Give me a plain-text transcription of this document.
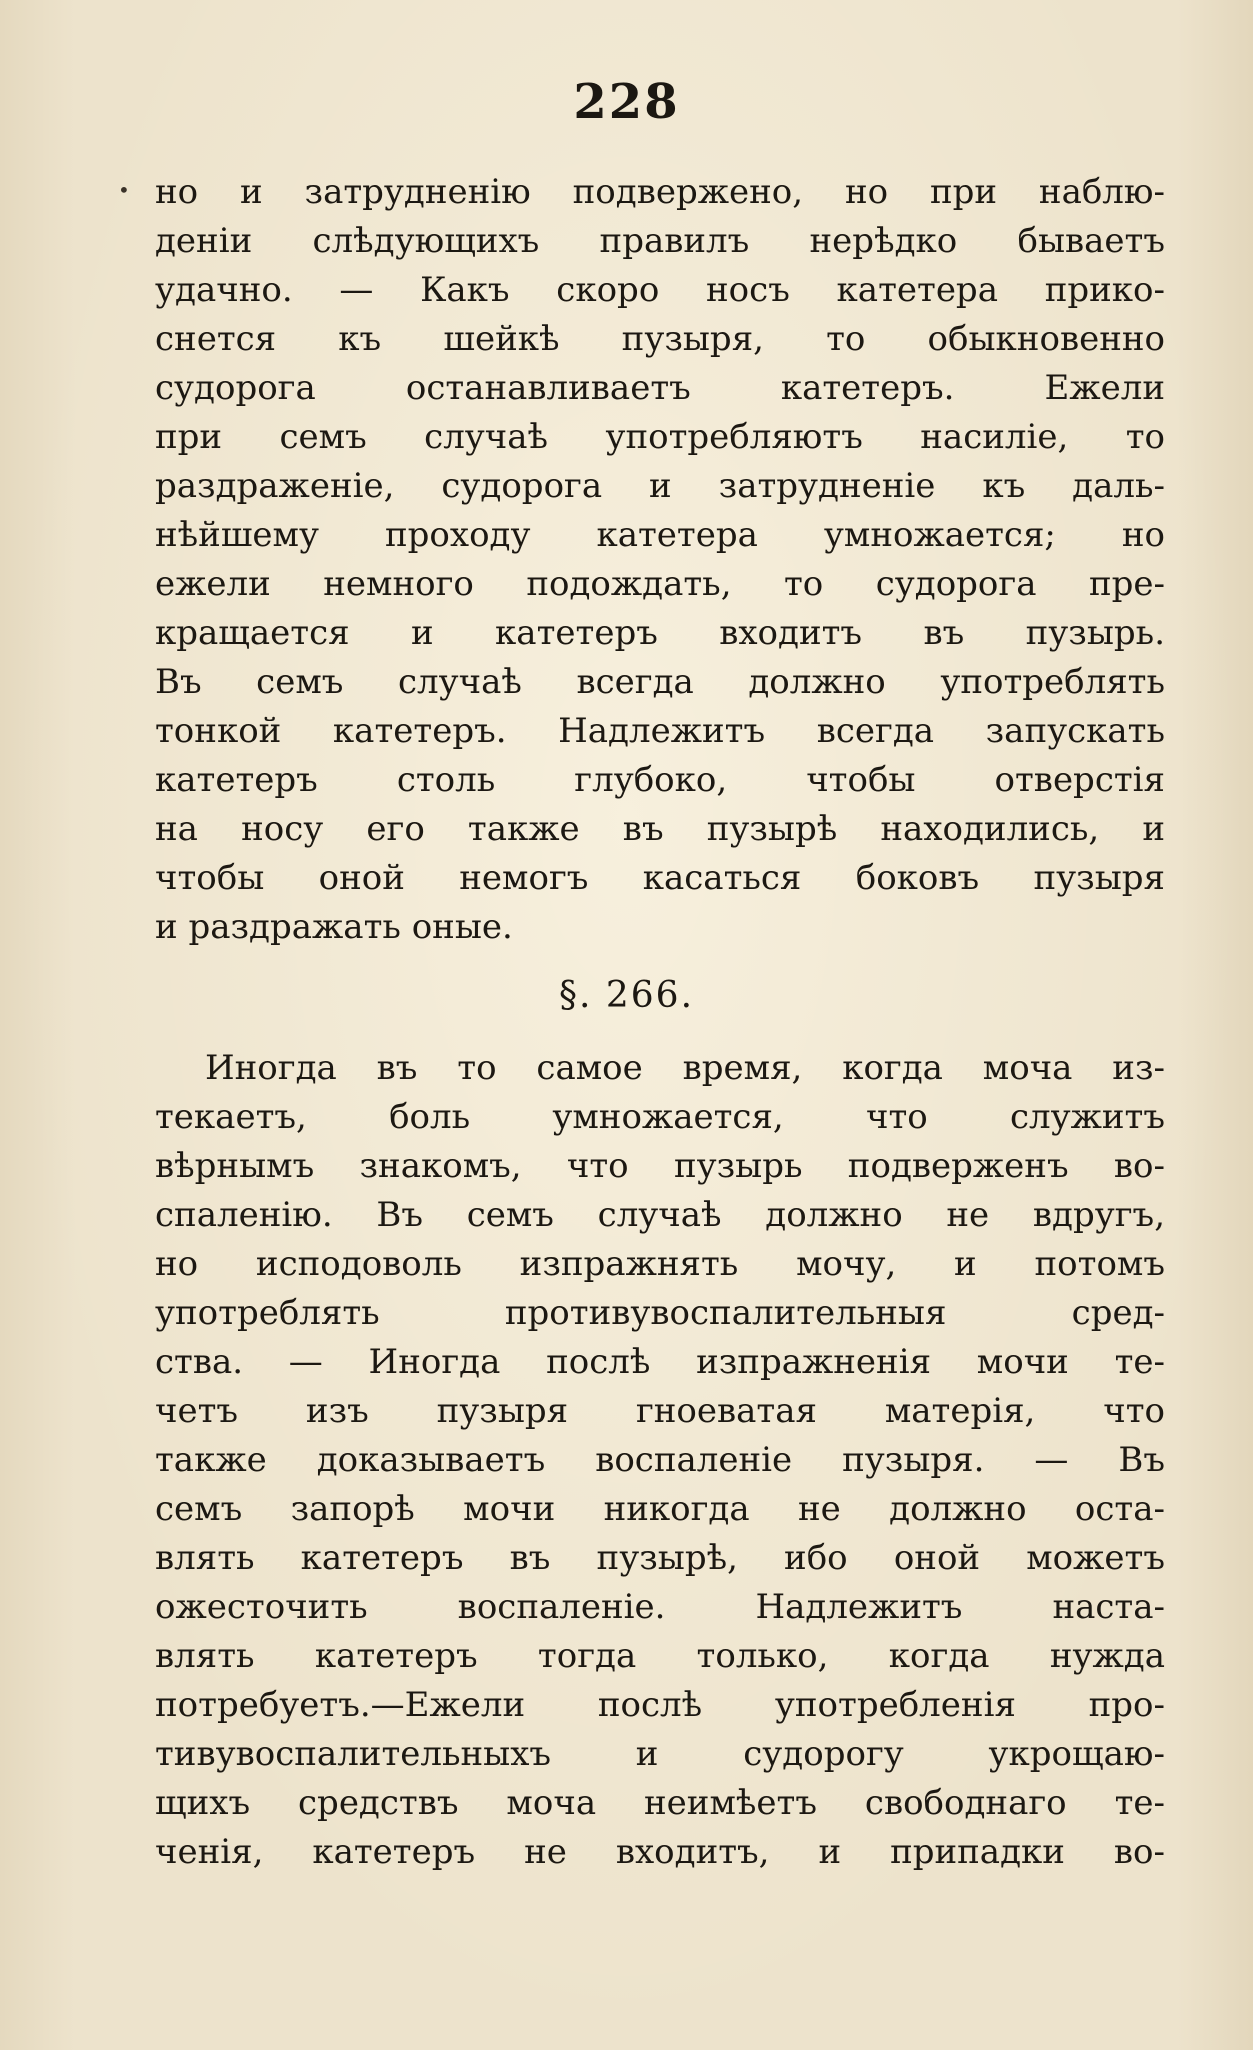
228
• но и затрудненію подвержено, но при наблю-
деніи слѣдующихъ правилъ нерѣдко бываетъ
удачно. — Какъ скоро носъ катетера прико-
снется къ шейкѣ пузыря, то обыкновенно
судорога останавливаетъ катетеръ. Ежели
при семъ случаѣ употребляютъ насиліе, то
раздраженіе, судорога и затрудненіе къ даль-
нѣйшему проходу катетера умножается; но
ежели немного подождать, то судорога пре-
кращается и катетеръ входитъ въ пузырь.
Въ семъ случаѣ всегда должно употреблять
тонкой катетеръ. Надлежитъ всегда запускать
катетеръ столь глубоко, чтобы отверстія
на носу его также въ пузырѣ находились, и
чтобы оной немогъ касаться боковъ пузыря
и раздражать оные.
§. 266.
Иногда въ то самое время, когда моча из-
текаетъ, боль умножается, что служитъ
вѣрнымъ знакомъ, что пузырь подверженъ во-
спаленію. Въ семъ случаѣ должно не вдругъ,
но исподоволь изпражнять мочу, и потомъ
употреблять противувоспалительныя сред-
ства. — Иногда послѣ изпражненія мочи те-
четъ изъ пузыря гноеватая матерія, что
также доказываетъ воспаленіе пузыря. — Въ
семъ запорѣ мочи никогда не должно оста-
влять катетеръ въ пузырѣ, ибо оной можетъ
ожесточить воспаленіе. Надлежитъ наста-
влять катетеръ тогда только, когда нужда
потребуетъ.—Ежели послѣ употребленія про-
тивувоспалительныхъ и судорогу укрощаю-
щихъ средствъ моча неимѣетъ свободнаго те-
ченія, катетеръ не входитъ, и припадки во-
